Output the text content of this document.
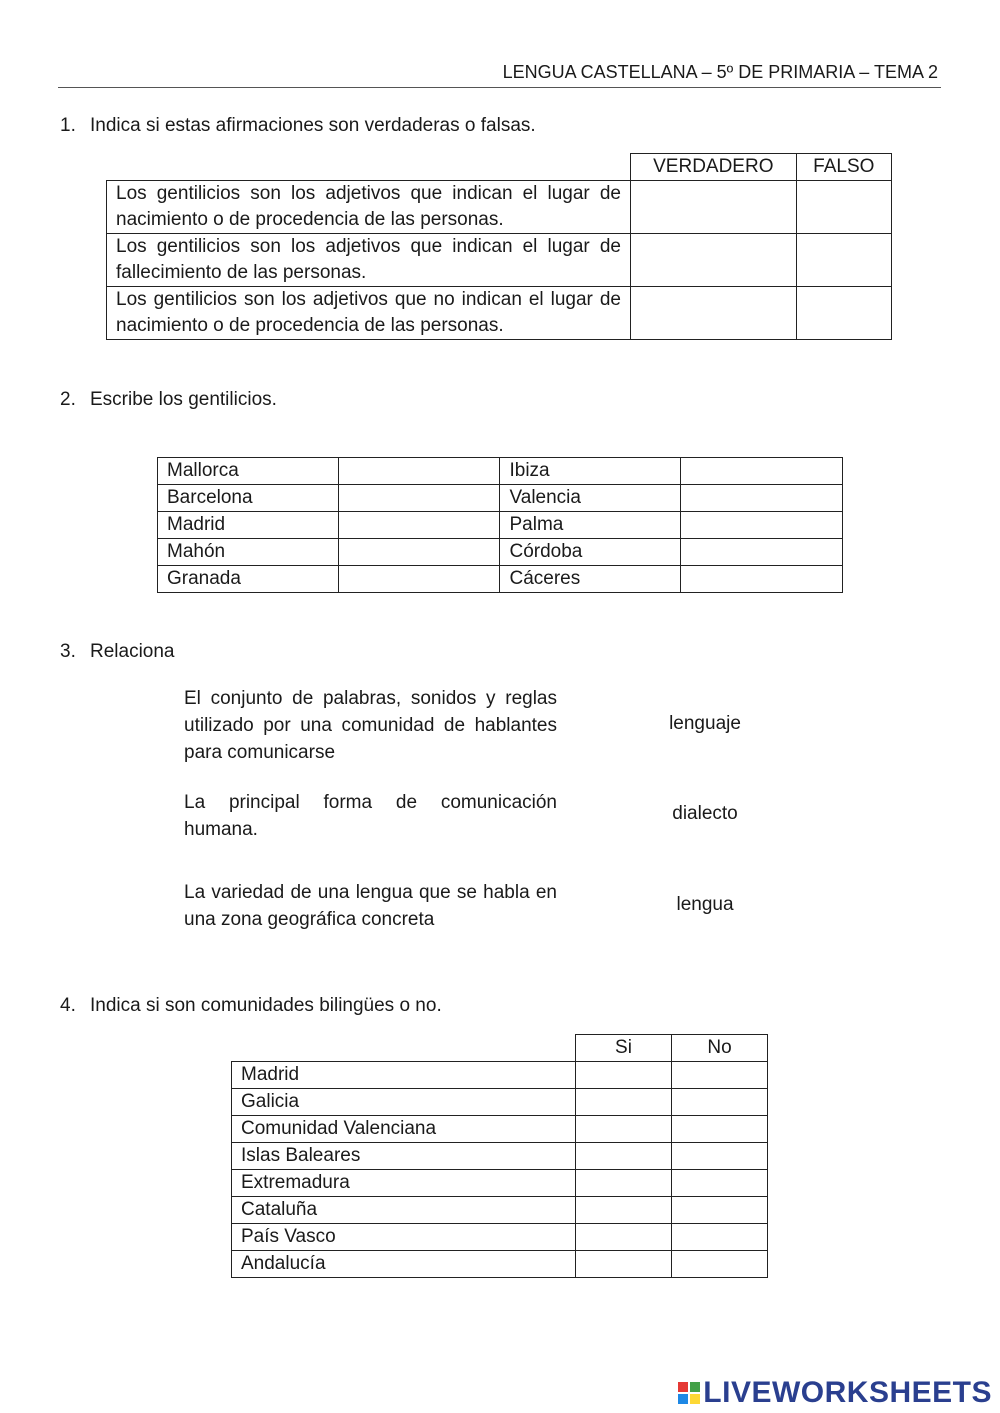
LENGUA CASTELLANA – 5º DE PRIMARIA – TEMA 2
1. Indica si estas afirmaciones son verdaderas o falsas.
	VERDADERO	FALSO
Los gentilicios son los adjetivos que indican el lugar de nacimiento o de procedencia de las personas.		
Los gentilicios son los adjetivos que indican el lugar de fallecimiento de las personas.		
Los gentilicios son los adjetivos que no indican el lugar de nacimiento o de procedencia de las personas.		
2. Escribe los gentilicios.
Mallorca		Ibiza	
Barcelona		Valencia	
Madrid		Palma	
Mahón		Córdoba	
Granada		Cáceres	
3. Relaciona
El conjunto de palabras, sonidos y reglas utilizado por una comunidad de hablantes para comunicarse
La principal forma de comunicación humana.
La variedad de una lengua que se habla en una zona geográfica concreta
lenguaje
dialecto
lengua
4. Indica si son comunidades bilingües o no.
	Si	No
Madrid		
Galicia		
Comunidad Valenciana		
Islas Baleares		
Extremadura		
Cataluña		
País Vasco		
Andalucía		
LIVEWORKSHEETS
